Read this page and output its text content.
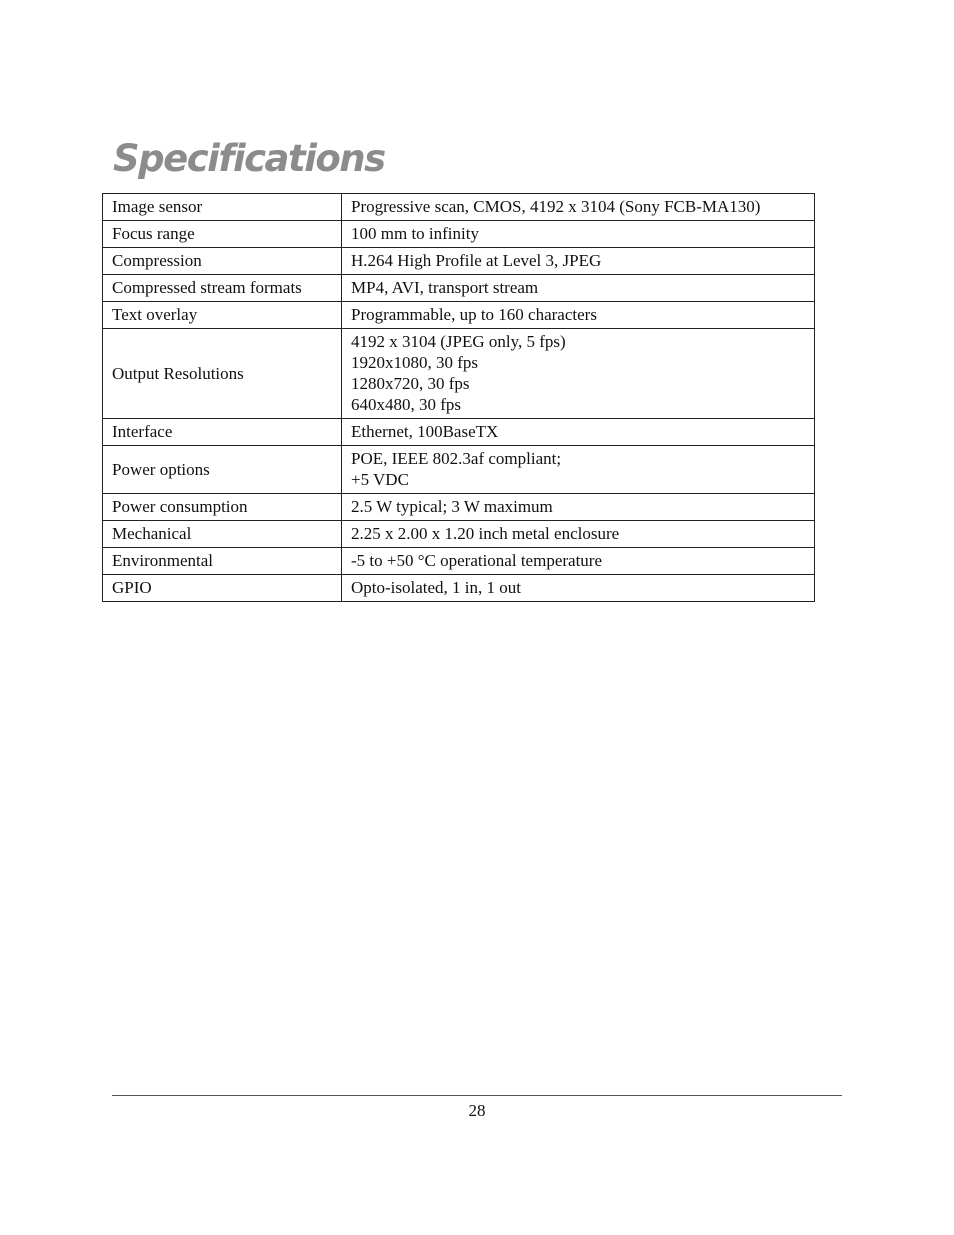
Specifications
Image sensor	Progressive scan, CMOS, 4192 x 3104 (Sony FCB-MA130)

Focus range	100 mm to infinity

Compression	H.264 High Profile at Level 3, JPEG

Compressed stream formats	MP4, AVI, transport stream

Text overlay	Programmable, up to 160 characters

Output Resolutions	4192 x 3104 (JPEG only, 5 fps)
1920x1080, 30 fps
1280x720, 30 fps
640x480, 30 fps

Interface	Ethernet, 100BaseTX

Power options	POE, IEEE 802.3af compliant;
+5 VDC

Power consumption	2.5 W typical; 3 W maximum

Mechanical	2.25 x 2.00 x 1.20 inch metal enclosure

Environmental	-5 to +50 °C operational temperature

GPIO	Opto-isolated, 1 in, 1 out
28
